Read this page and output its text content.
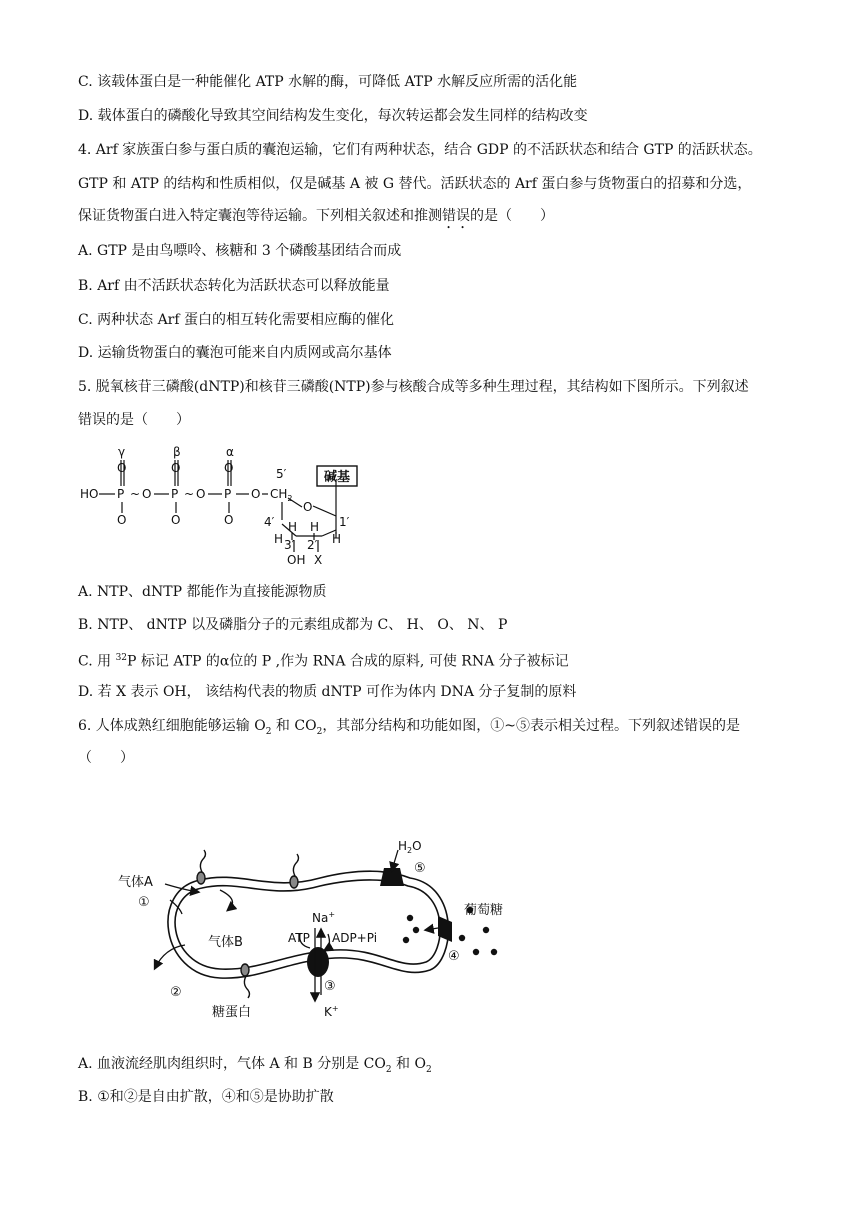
C. 该载体蛋白是一种能催化 ATP 水解的酶，可降低 ATP 水解反应所需的活化能
D. 载体蛋白的磷酸化导致其空间结构发生变化，每次转运都会发生同样的结构改变
4. Arf 家族蛋白参与蛋白质的囊泡运输，它们有两种状态，结合 GDP 的不活跃状态和结合 GTP 的活跃状态。
GTP 和 ATP 的结构和性质相似，仅是碱基 A 被 G 替代。活跃状态的 Arf 蛋白参与货物蛋白的招募和分选，
保证货物蛋白进入特定囊泡等待运输。下列相关叙述和推测错误的是（　　）
A. GTP 是由鸟嘌呤、核糖和 3 个磷酸基团结合而成
B. Arf 由不活跃状态转化为活跃状态可以释放能量
C. 两种状态 Arf 蛋白的相互转化需要相应酶的催化
D. 运输货物蛋白的囊泡可能来自内质网或高尔基体
5. 脱氧核苷三磷酸(dNTP)和核苷三磷酸(NTP)参与核酸合成等多种生理过程，其结构如下图所示。下列叙述
错误的是（　　）
γ	β	α
O	O	O
HO P ~ O P ~ O P O
O	O	O
5′
$CH_2$
O
4′ H H 1′
H 3′ 2′ H
OH X
碱基
A. NTP、dNTP 都能作为直接能源物质
B. NTP、 dNTP 以及磷脂分子的元素组成都为 C、 H、 O、 N、 P
C. 用 $^{32}$P 标记 ATP 的α位的 P ,作为 RNA 合成的原料, 可使 RNA 分子被标记
D. 若 X 表示 OH， 该结构代表的物质 dNTP 可作为体内 DNA 分子复制的原料
6. 人体成熟红细胞能够运输 $O_2$ 和 $CO_2$，其部分结构和功能如图，①~⑤表示相关过程。下列叙述错误的是
（　　）
气体A
①
气体B
②
糖蛋白
ATP ADP+Pi
Na+
③
K+
$H_2O$
⑤
葡萄糖
④
A. 血液流经肌肉组织时，气体 A 和 B 分别是 $CO_2$ 和 $O_2$
B. ①和②是自由扩散，④和⑤是协助扩散
